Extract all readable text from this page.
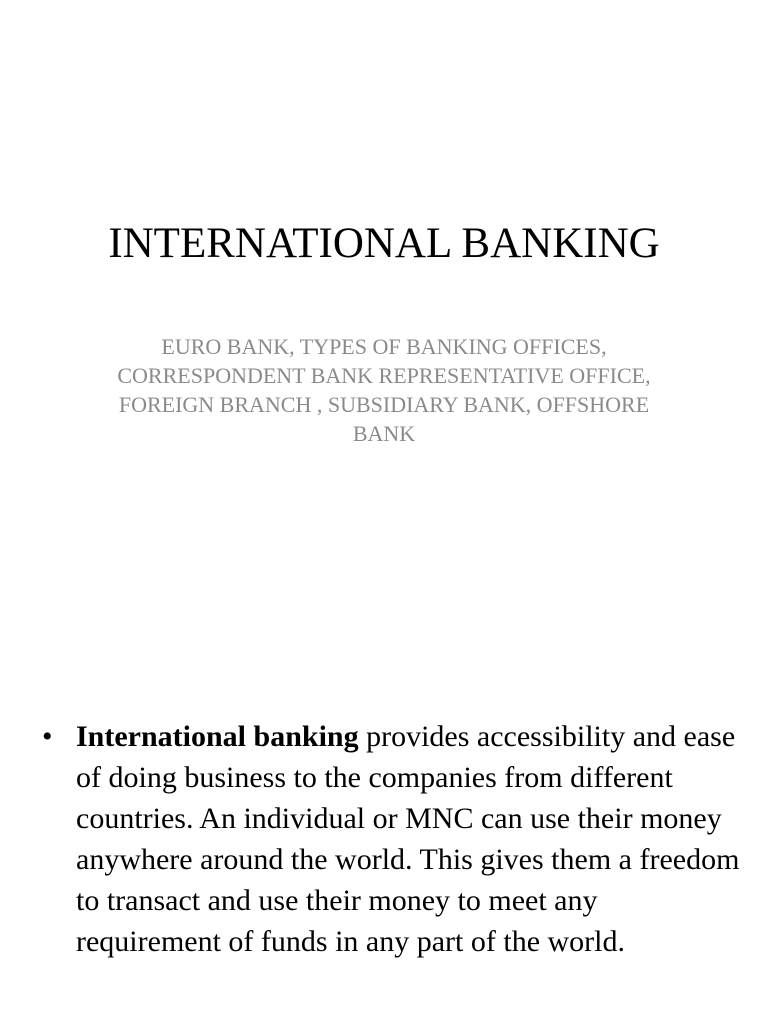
INTERNATIONAL BANKING

EURO BANK, TYPES OF BANKING OFFICES, CORRESPONDENT BANK REPRESENTATIVE OFFICE, FOREIGN BRANCH , SUBSIDIARY BANK, OFFSHORE BANK

• International banking provides accessibility and ease of doing business to the companies from different countries. An individual or MNC can use their money anywhere around the world. This gives them a freedom to transact and use their money to meet any requirement of funds in any part of the world.
